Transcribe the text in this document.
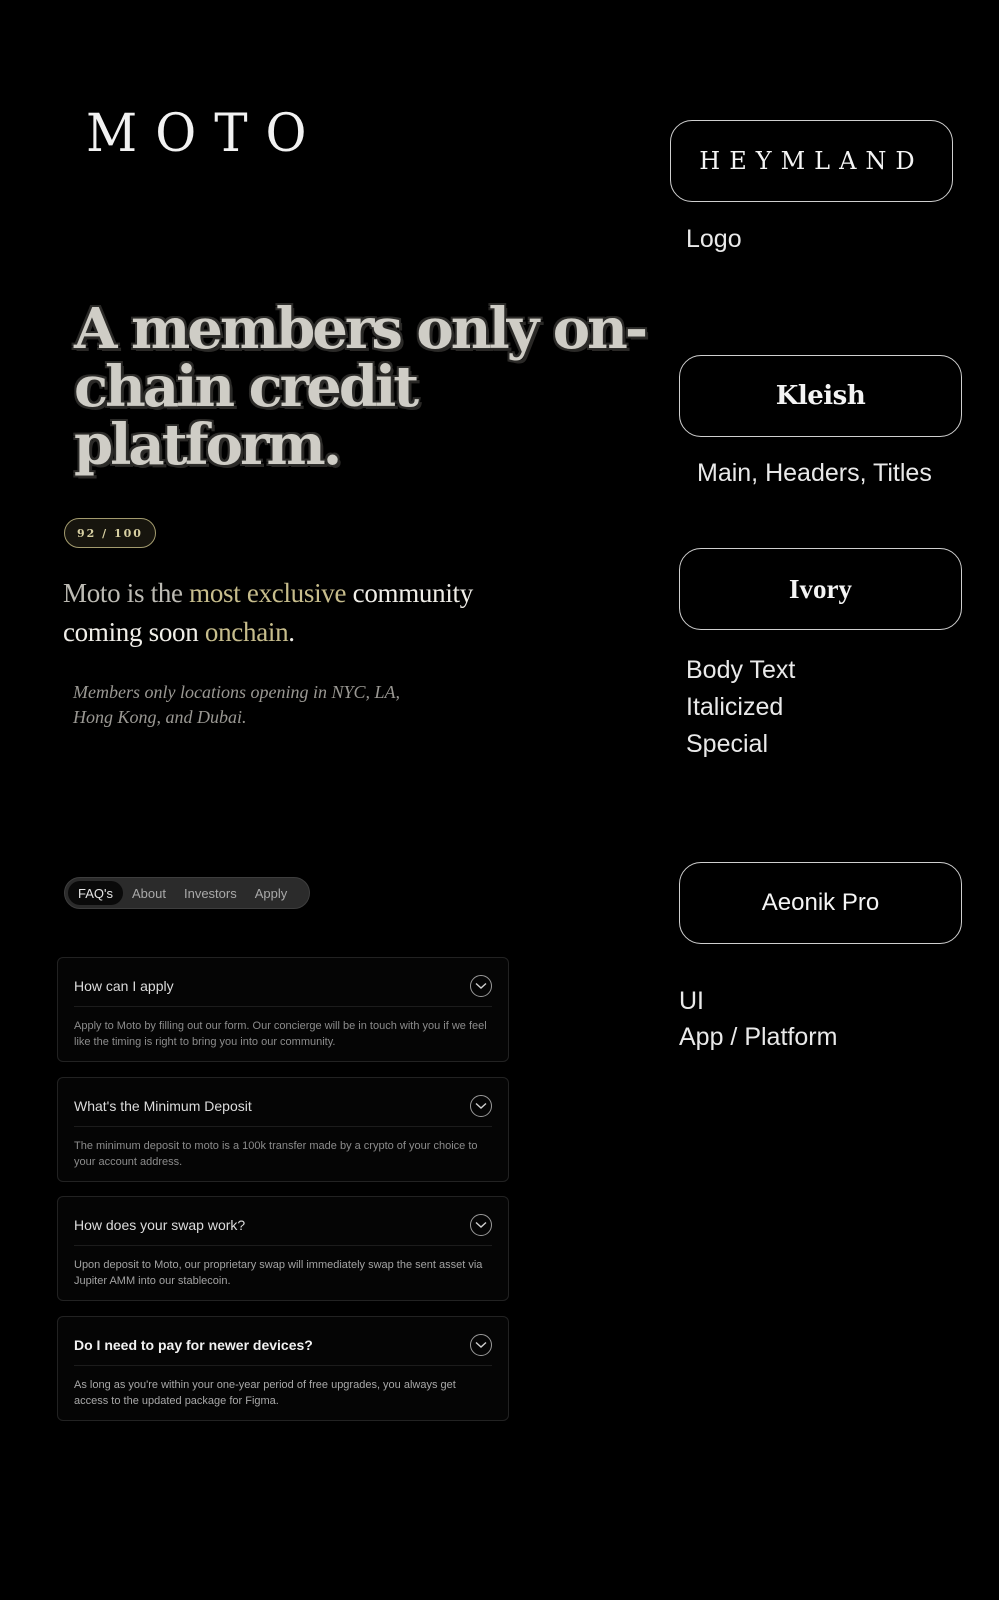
MOTO
A members only on-chain credit platform.
92 / 100
Moto is the most exclusive community coming soon onchain.
Members only locations opening in NYC, LA, Hong Kong, and Dubai.
FAQ's	About	Investors	Apply
How can I apply
Apply to Moto by filling out our form. Our concierge will be in touch with you if we feel like the timing is right to bring you into our community.
What's the Minimum Deposit
The minimum deposit to moto is a 100k transfer made by a crypto of your choice to your account address.
How does your swap work?
Upon deposit to Moto, our proprietary swap will immediately swap the sent asset via Jupiter AMM into our stablecoin.
Do I need to pay for newer devices?
As long as you're within your one-year period of free upgrades, you always get access to the updated package for Figma.
HEYMLAND
Logo
Kleish
Main, Headers, Titles
Ivory
Body Text
Italicized
Special
Aeonik Pro
UI
App / Platform
